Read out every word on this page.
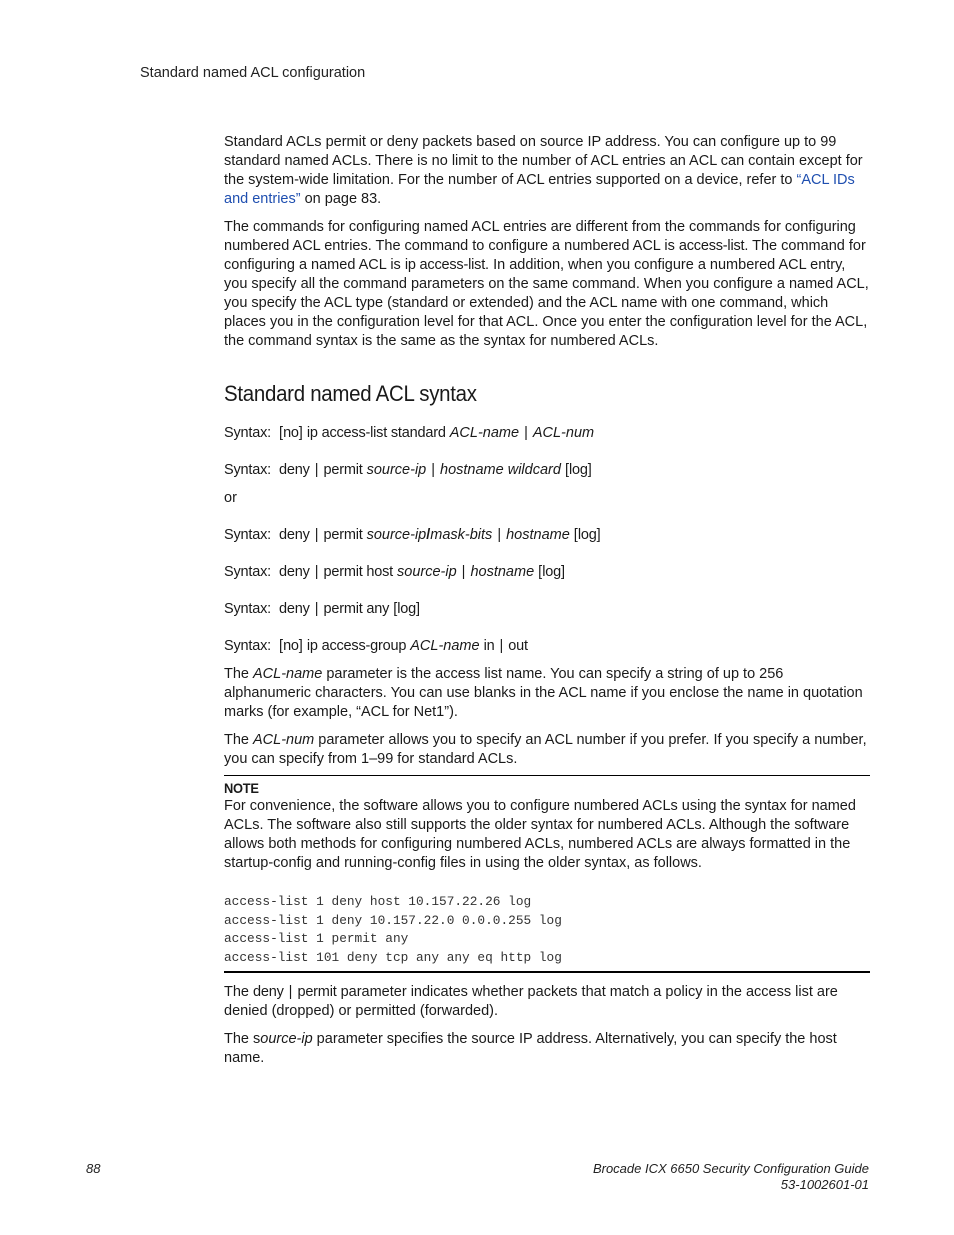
Standard named ACL configuration

Standard ACLs permit or deny packets based on source IP address. You can configure up to 99 standard named ACLs. There is no limit to the number of ACL entries an ACL can contain except for the system-wide limitation. For the number of ACL entries supported on a device, refer to “ACL IDs and entries” on page 83.

The commands for configuring named ACL entries are different from the commands for configuring numbered ACL entries. The command to configure a numbered ACL is access-list. The command for configuring a named ACL is ip access-list. In addition, when you configure a numbered ACL entry, you specify all the command parameters on the same command. When you configure a named ACL, you specify the ACL type (standard or extended) and the ACL name with one command, which places you in the configuration level for that ACL. Once you enter the configuration level for the ACL, the command syntax is the same as the syntax for numbered ACLs.

Standard named ACL syntax
Syntax: [no] ip access-list standard ACL-name | ACL-num
Syntax: deny | permit source-ip | hostname wildcard [log]
or
Syntax: deny | permit source-ip/mask-bits | hostname [log]
Syntax: deny | permit host source-ip | hostname [log]
Syntax: deny | permit any [log]
Syntax:  [no] ip access-group ACL-name in | out

The ACL-name parameter is the access list name. You can specify a string of up to 256 alphanumeric characters. You can use blanks in the ACL name if you enclose the name in quotation marks (for example, “ACL for Net1”).

The ACL-num parameter allows you to specify an ACL number if you prefer. If you specify a number, you can specify from 1–99 for standard ACLs.

NOTE

For convenience, the software allows you to configure numbered ACLs using the syntax for named ACLs. The software also still supports the older syntax for numbered ACLs. Although the software allows both methods for configuring numbered ACLs, numbered ACLs are always formatted in the startup-config and running-config files in using the older syntax, as follows.

access-list 1 deny host 10.157.22.26 log
access-list 1 deny 10.157.22.0 0.0.0.255 log
access-list 1 permit any
access-list 101 deny tcp any any eq http log

The deny | permit parameter indicates whether packets that match a policy in the access list are denied (dropped) or permitted (forwarded).

The source-ip parameter specifies the source IP address. Alternatively, you can specify the host name.

88	Brocade ICX 6650 Security Configuration Guide
53-1002601-01
